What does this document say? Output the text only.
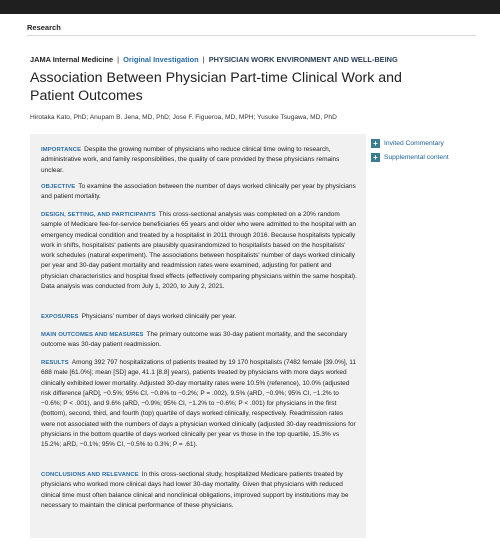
Research
JAMA Internal Medicine | Original Investigation | PHYSICIAN WORK ENVIRONMENT AND WELL-BEING
Association Between Physician Part-time Clinical Work and Patient Outcomes
Hirotaka Kato, PhD; Anupam B. Jena, MD, PhD; Jose F. Figueroa, MD, MPH; Yusuke Tsugawa, MD, PhD
+ Invited Commentary
+ Supplemental content

IMPORTANCE Despite the growing number of physicians who reduce clinical time owing to research, administrative work, and family responsibilities, the quality of care provided by these physicians remains unclear.

OBJECTIVE To examine the association between the number of days worked clinically per year by physicians and patient mortality.

DESIGN, SETTING, AND PARTICIPANTS This cross-sectional analysis was completed on a 20% random sample of Medicare fee-for-service beneficiaries 65 years and older who were admitted to the hospital with an emergency medical condition and treated by a hospitalist in 2011 through 2016. Because hospitalists typically work in shifts, hospitalists' patients are plausibly quasirandomized to hospitalists based on the hospitalists' work schedules (natural experiment). The associations between hospitalists' number of days worked clinically per year and 30-day patient mortality and readmission rates were examined, adjusting for patient and physician characteristics and hospital fixed effects (effectively comparing physicians within the same hospital). Data analysis was conducted from July 1, 2020, to July 2, 2021.

EXPOSURES Physicians' number of days worked clinically per year.

MAIN OUTCOMES AND MEASURES The primary outcome was 30-day patient mortality, and the secondary outcome was 30-day patient readmission.

RESULTS Among 392 797 hospitalizations of patients treated by 19 170 hospitalists (7482 female [39.0%], 11 688 male [61.0%]; mean [SD] age, 41.1 [8.8] years), patients treated by physicians with more days worked clinically exhibited lower mortality. Adjusted 30-day mortality rates were 10.5% (reference), 10.0% (adjusted risk difference [aRD], −0.5%; 95% CI, −0.8% to −0.2%; P = .002), 9.5% (aRD, −0.9%; 95% CI, −1.2% to −0.6%; P < .001), and 9.6% (aRD, −0.9%; 95% CI, −1.2% to −0.6%; P < .001) for physicians in the first (bottom), second, third, and fourth (top) quartile of days worked clinically, respectively. Readmission rates were not associated with the numbers of days a physician worked clinically (adjusted 30-day readmissions for physicians in the bottom quartile of days worked clinically per year vs those in the top quartile, 15.3% vs 15.2%; aRD, −0.1%; 95% CI, −0.5% to 0.3%; P = .61).

CONCLUSIONS AND RELEVANCE In this cross-sectional study, hospitalized Medicare patients treated by physicians who worked more clinical days had lower 30-day mortality. Given that physicians with reduced clinical time must often balance clinical and nonclinical obligations, improved support by institutions may be necessary to maintain the clinical performance of these physicians.
